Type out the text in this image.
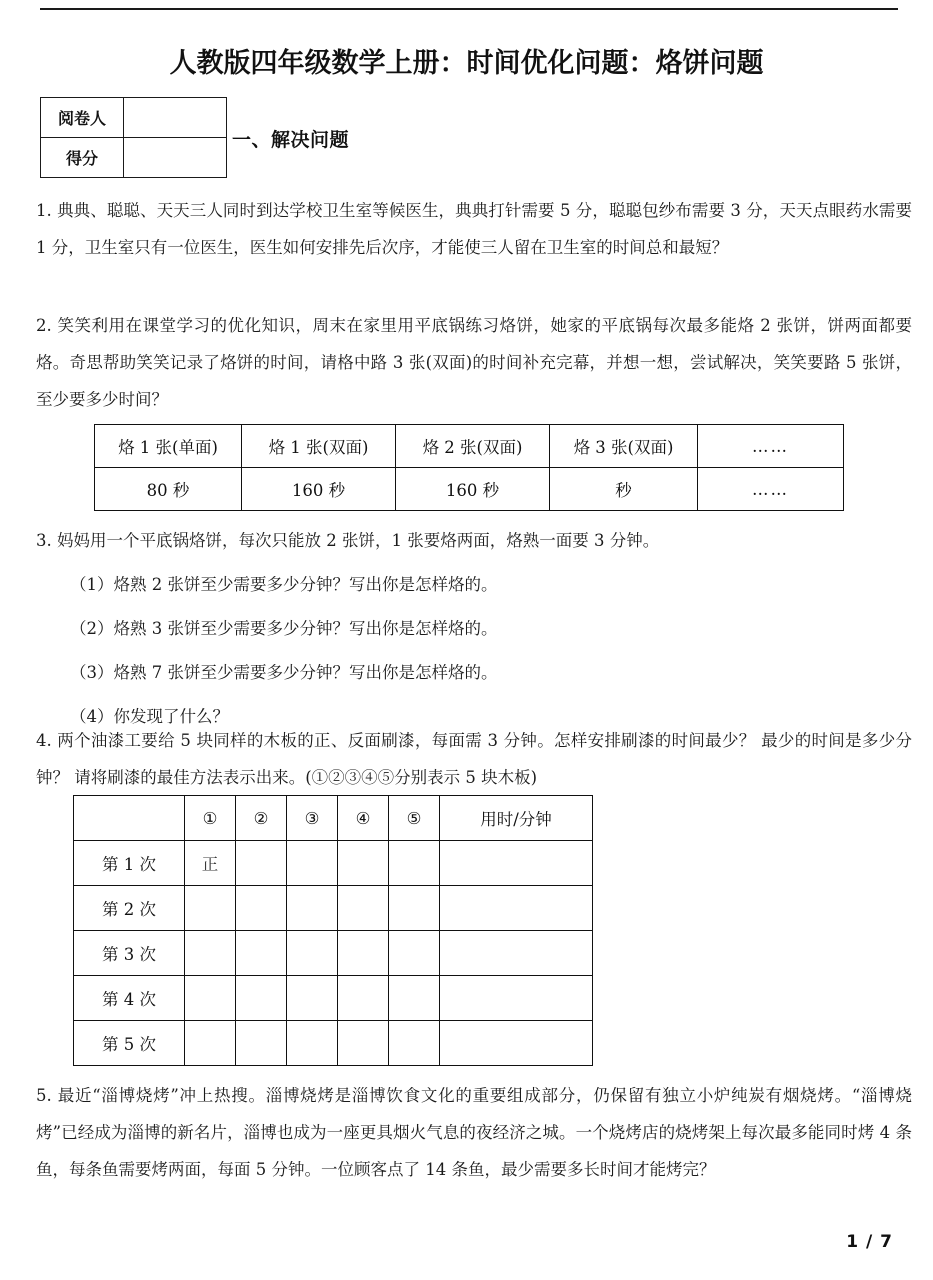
人教版四年级数学上册：时间优化问题：烙饼问题
阅卷人	
得分	
一、解决问题
1. 典典、聪聪、天天三人同时到达学校卫生室等候医生，典典打针需要 5 分，聪聪包纱布需要 3 分，天天点眼药水需要 1 分，卫生室只有一位医生，医生如何安排先后次序，才能使三人留在卫生室的时间总和最短？
2. 笑笑利用在课堂学习的优化知识，周末在家里用平底锅练习烙饼，她家的平底锅每次最多能烙 2 张饼，饼两面都要烙。奇思帮助笑笑记录了烙饼的时间，请格中路 3 张(双面)的时间补充完幕，并想一想，尝试解决，笑笑要路 5 张饼，至少要多少时间？
烙 1 张(单面)	烙 1 张(双面)	烙 2 张(双面)	烙 3 张(双面)	……
80 秒	160 秒	160 秒	秒	……
3. 妈妈用一个平底锅烙饼，每次只能放 2 张饼，1 张要烙两面，烙熟一面要 3 分钟。
（1）烙熟 2 张饼至少需要多少分钟？写出你是怎样烙的。
（2）烙熟 3 张饼至少需要多少分钟？写出你是怎样烙的。
（3）烙熟 7 张饼至少需要多少分钟？写出你是怎样烙的。
（4）你发现了什么？
4. 两个油漆工要给 5 块同样的木板的正、反面刷漆，每面需 3 分钟。怎样安排刷漆的时间最少？ 最少的时间是多少分钟？ 请将刷漆的最佳方法表示出来。(①②③④⑤分别表示 5 块木板)
	①	②	③	④	⑤	用时/分钟
第 1 次	正					
第 2 次						
第 3 次						
第 4 次						
第 5 次						
5. 最近“淄博烧烤”冲上热搜。淄博烧烤是淄博饮食文化的重要组成部分，仍保留有独立小炉纯炭有烟烧烤。“淄博烧烤”已经成为淄博的新名片，淄博也成为一座更具烟火气息的夜经济之城。一个烧烤店的烧烤架上每次最多能同时烤 4 条鱼，每条鱼需要烤两面，每面 5 分钟。一位顾客点了 14 条鱼，最少需要多长时间才能烤完？
1 / 7
